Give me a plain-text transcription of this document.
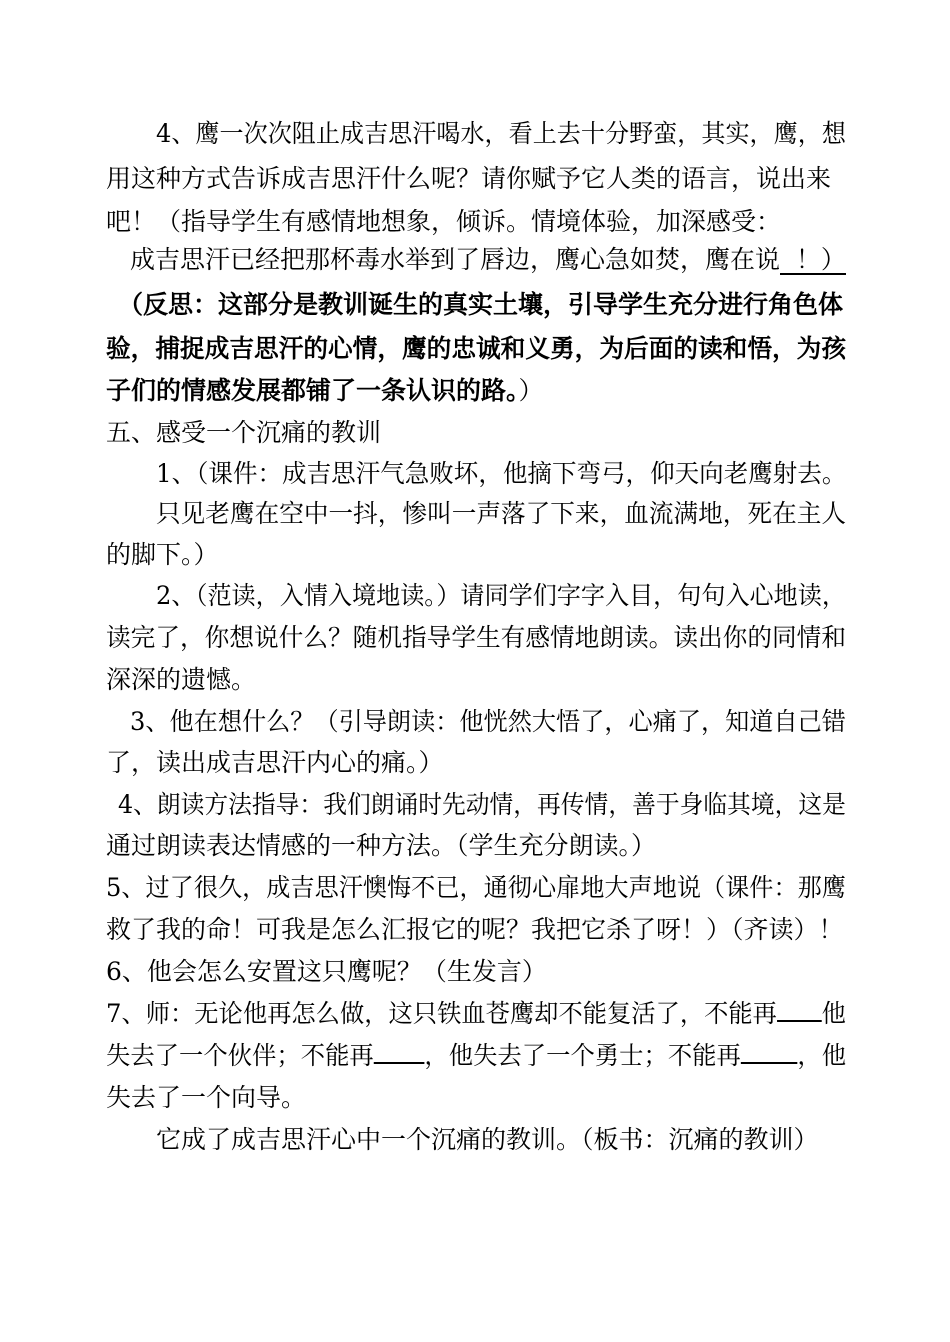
4、鹰一次次阻止成吉思汗喝水，看上去十分野蛮，其实，鹰，想
用这种方式告诉成吉思汗什么呢？请你赋予它人类的语言，说出来
吧！（指导学生有感情地想象，倾诉。情境体验，加深感受：
成吉思汗已经把那杯毒水举到了唇边，鹰心急如焚，鹰在说  ！）
（反思：这部分是教训诞生的真实土壤，引导学生充分进行角色体
验，捕捉成吉思汗的心情，鹰的忠诚和义勇，为后面的读和悟，为孩
子们的情感发展都铺了一条认识的路。）
五、感受一个沉痛的教训
1、（课件：成吉思汗气急败坏，他摘下弯弓，仰天向老鹰射去。
只见老鹰在空中一抖，惨叫一声落了下来，血流满地，死在主人
的脚下。）
2、（范读，入情入境地读。）请同学们字字入目，句句入心地读，
读完了，你想说什么？随机指导学生有感情地朗读。读出你的同情和
深深的遗憾。
3、他在想什么？（引导朗读：他恍然大悟了，心痛了，知道自己错
了，读出成吉思汗内心的痛。）
4、朗读方法指导：我们朗诵时先动情，再传情，善于身临其境，这是
通过朗读表达情感的一种方法。（学生充分朗读。）
5、过了很久，成吉思汗懊悔不已，通彻心扉地大声地说（课件：那鹰
救了我的命！可我是怎么汇报它的呢？我把它杀了呀！）（齐读）！
6、他会怎么安置这只鹰呢？（生发言）
7、师：无论他再怎么做，这只铁血苍鹰却不能复活了，不能再 他
失去了一个伙伴；不能再 ，他失去了一个勇士；不能再 ，他
失去了一个向导。
它成了成吉思汗心中一个沉痛的教训。（板书：沉痛的教训）
